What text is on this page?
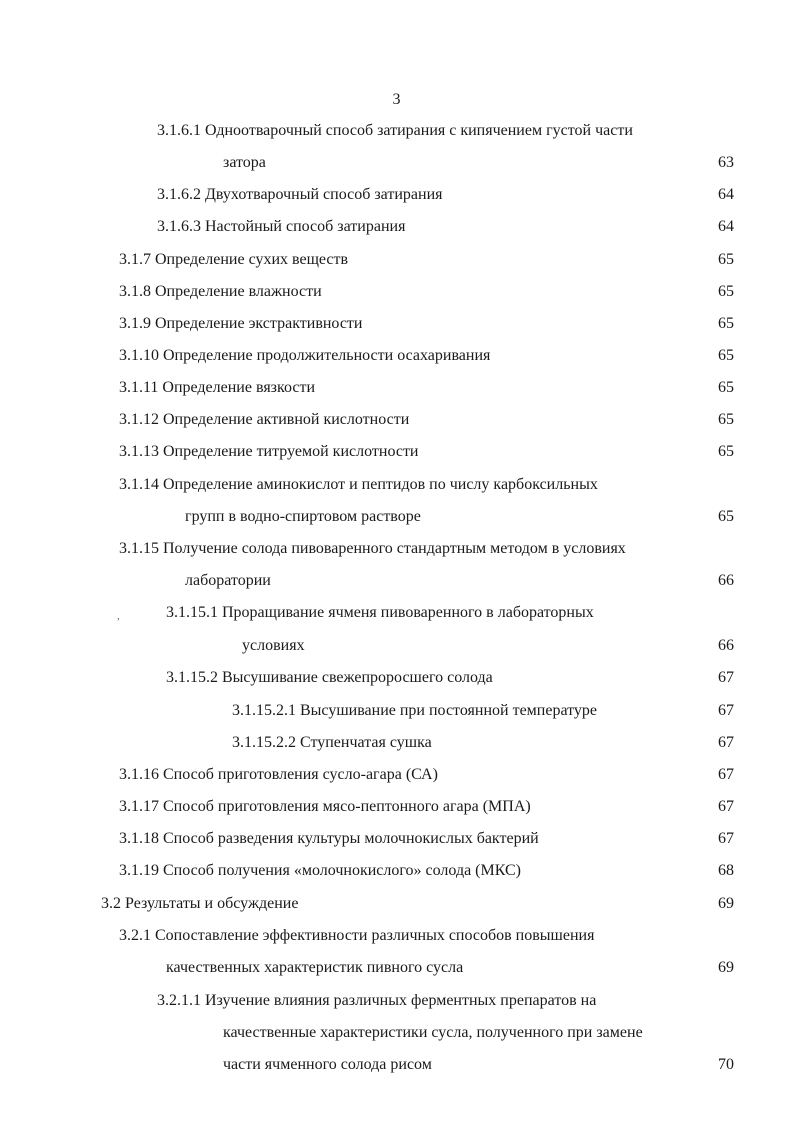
3
,
3.1.6.1 Одноотварочный способ затирания с кипячением густой части
затора	63
3.1.6.2 Двухотварочный способ затирания	64
3.1.6.3 Настойный способ затирания	64
3.1.7 Определение сухих веществ	65
3.1.8 Определение влажности	65
3.1.9 Определение экстрактивности	65
3.1.10 Определение продолжительности осахаривания	65
3.1.11 Определение вязкости	65
3.1.12 Определение активной кислотности	65
3.1.13 Определение титруемой кислотности	65
3.1.14 Определение аминокислот и пептидов по числу карбоксильных
групп в водно-спиртовом растворе	65
3.1.15 Получение солода пивоваренного стандартным методом в условиях
лаборатории	66
3.1.15.1 Проращивание ячменя пивоваренного в лабораторных
условиях	66
3.1.15.2 Высушивание свежепроросшего солода	67
3.1.15.2.1 Высушивание при постоянной температуре	67
3.1.15.2.2 Ступенчатая сушка	67
3.1.16 Способ приготовления сусло-агара (СА)	67
3.1.17 Способ приготовления мясо-пептонного агара (МПА)	67
3.1.18 Способ разведения культуры молочнокислых бактерий	67
3.1.19 Способ получения «молочнокислого» солода (МКС)	68
3.2 Результаты и обсуждение	69
3.2.1 Сопоставление эффективности различных способов повышения
качественных характеристик пивного сусла	69
3.2.1.1 Изучение влияния различных ферментных препаратов на
качественные характеристики сусла, полученного при замене
части ячменного солода рисом	70
